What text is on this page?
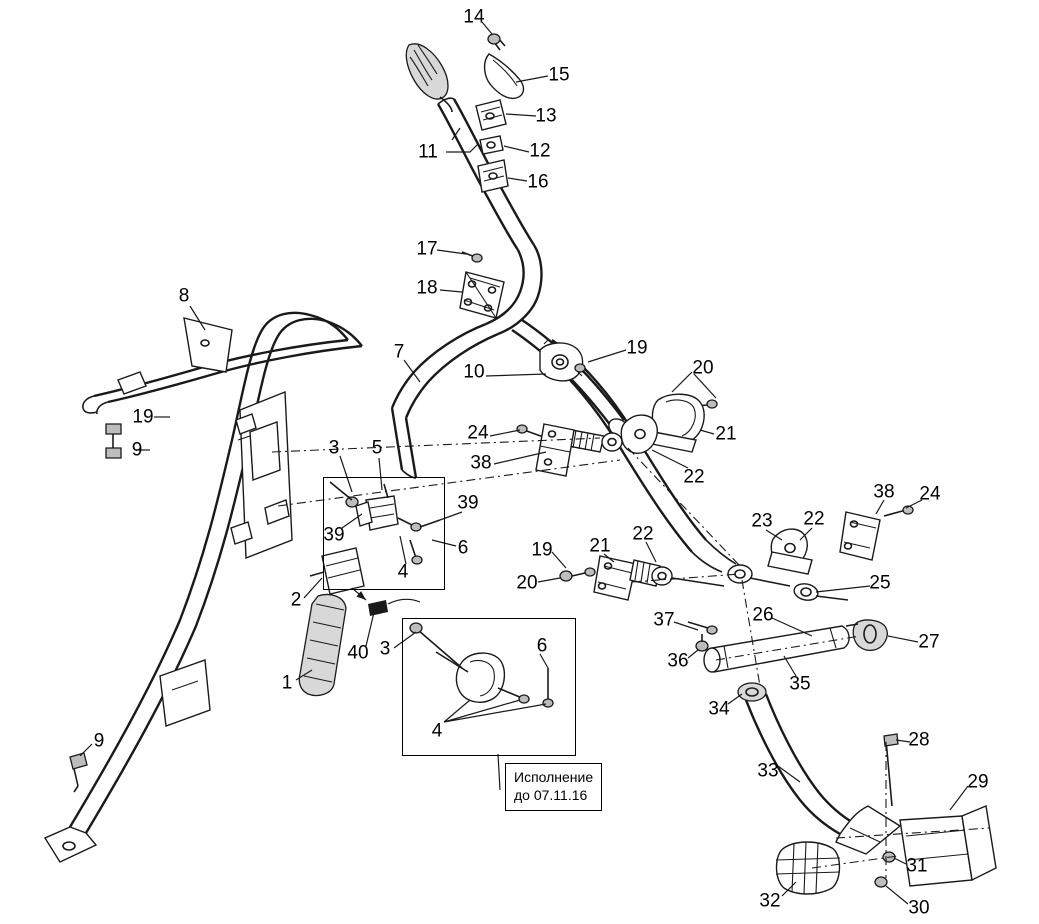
14
15
13
12
11
16
17
18
8
19
7
10	20
19
24	21
9	3 5
38
22
39
38 24
39
23 22
21
22
6	19
4
20	25
2
26
37
27
3	6
40	36
1	35
34
4	28
9
33
29
31
32	30
Исполнение
до 07.11.16
